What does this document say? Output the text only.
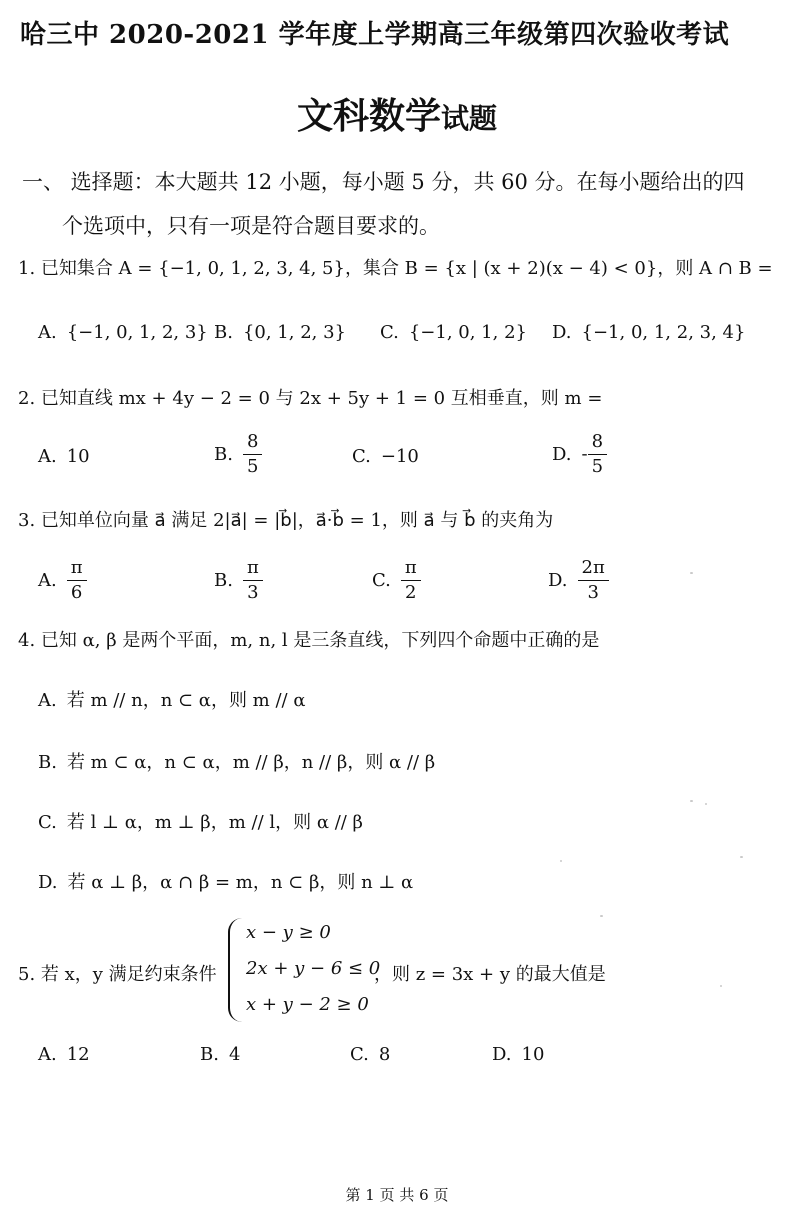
哈三中 2020-2021 学年度上学期高三年级第四次验收考试
文科数学试题
一、 选择题：本大题共 12 小题，每小题 5 分，共 60 分。在每小题给出的四
个选项中，只有一项是符合题目要求的。
1. 已知集合 A = {−1, 0, 1, 2, 3, 4, 5}，集合 B = {x | (x + 2)(x − 4) < 0}，则 A ∩ B =
A. {−1, 0, 1, 2, 3} B. {0, 1, 2, 3} C. {−1, 0, 1, 2} D. {−1, 0, 1, 2, 3, 4}
2. 已知直线 mx + 4y − 2 = 0 与 2x + 5y + 1 = 0 互相垂直，则 m =
A. 10	B. $\frac{8}{5}$	C. −10	D. - $\frac{8}{5}$
3. 已知单位向量 a⃗ 满足 2|a⃗| = |b⃗|，a⃗·b⃗ = 1，则 a⃗ 与 b⃗ 的夹角为
A. $\frac{\pi}{6}$	B. $\frac{\pi}{3}$	C. $\frac{\pi}{2}$	D. $\frac{2\pi}{3}$
4. 已知 α, β 是两个平面，m, n, l 是三条直线，下列四个命题中正确的是
A. 若 m // n，n ⊂ α，则 m // α
B. 若 m ⊂ α，n ⊂ α，m // β，n // β，则 α // β
C. 若 l ⊥ α，m ⊥ β，m // l，则 α // β
D. 若 α ⊥ β，α ∩ β = m，n ⊂ β，则 n ⊥ α
5. 若 x，y 满足约束条件
x − y ≥ 0
2x + y − 6 ≤ 0
x + y − 2 ≥ 0
，则 z = 3x + y 的最大值是
A. 12	B. 4	C. 8	D. 10
第 1 页 共 6 页
